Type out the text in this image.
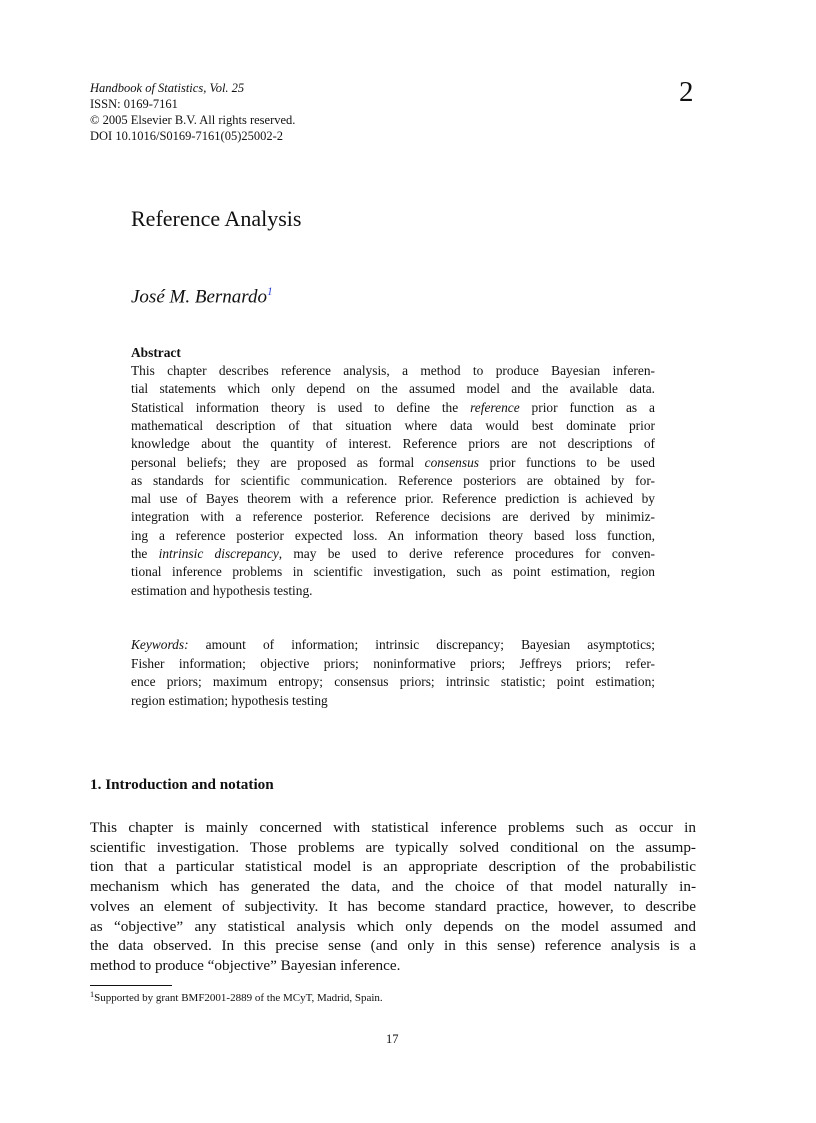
Handbook of Statistics, Vol. 25
ISSN: 0169-7161
© 2005 Elsevier B.V. All rights reserved.
DOI 10.1016/S0169-7161(05)25002-2
2
Reference Analysis
José M. Bernardo$^1$
Abstract
This chapter describes reference analysis, a method to produce Bayesian inferen-
tial statements which only depend on the assumed model and the available data.
Statistical information theory is used to define the reference prior function as a
mathematical description of that situation where data would best dominate prior
knowledge about the quantity of interest. Reference priors are not descriptions of
personal beliefs; they are proposed as formal consensus prior functions to be used
as standards for scientific communication. Reference posteriors are obtained by for-
mal use of Bayes theorem with a reference prior. Reference prediction is achieved by
integration with a reference posterior. Reference decisions are derived by minimiz-
ing a reference posterior expected loss. An information theory based loss function,
the intrinsic discrepancy, may be used to derive reference procedures for conven-
tional inference problems in scientific investigation, such as point estimation, region
estimation and hypothesis testing.
Keywords: amount of information; intrinsic discrepancy; Bayesian asymptotics;
Fisher information; objective priors; noninformative priors; Jeffreys priors; refer-
ence priors; maximum entropy; consensus priors; intrinsic statistic; point estimation;
region estimation; hypothesis testing
1. Introduction and notation
This chapter is mainly concerned with statistical inference problems such as occur in
scientific investigation. Those problems are typically solved conditional on the assump-
tion that a particular statistical model is an appropriate description of the probabilistic
mechanism which has generated the data, and the choice of that model naturally in-
volves an element of subjectivity. It has become standard practice, however, to describe
as “objective” any statistical analysis which only depends on the model assumed and
the data observed. In this precise sense (and only in this sense) reference analysis is a
method to produce “objective” Bayesian inference.
$^1$Supported by grant BMF2001-2889 of the MCyT, Madrid, Spain.
17
